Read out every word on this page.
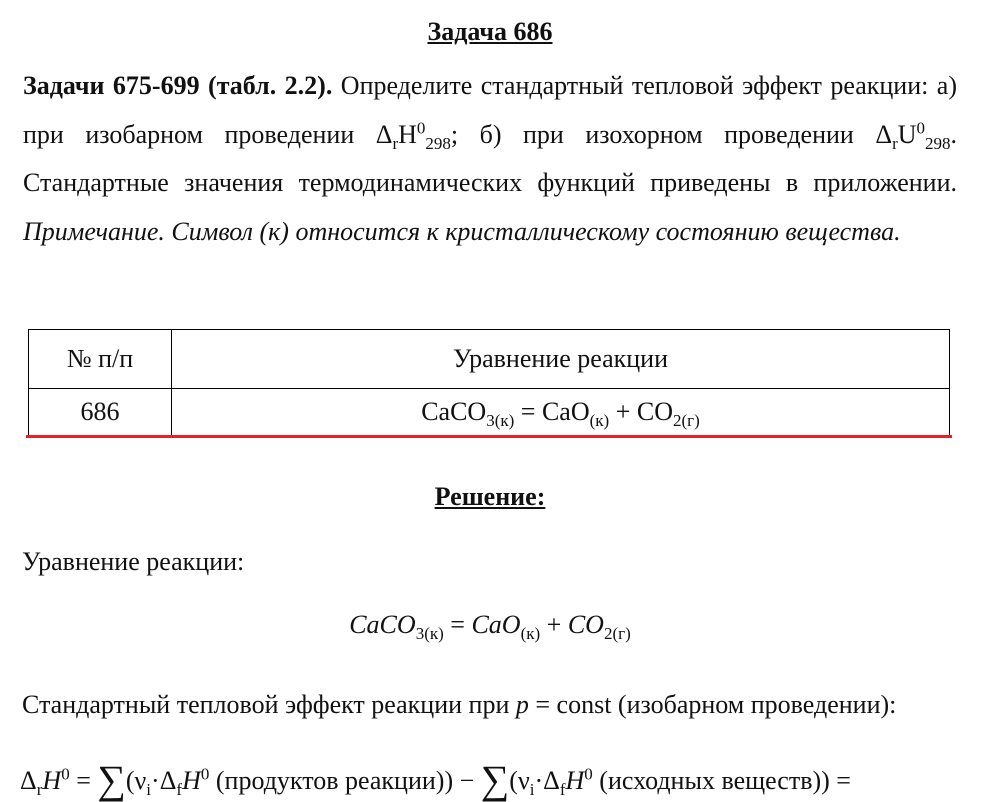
Задача 686
Задачи 675-699 (табл. 2.2). Определите стандартный тепловой эффект реакции: а) при изобарном проведении $\Delta_rH^0_{298}$; б) при изохорном проведении $\Delta_rU^0_{298}$. Стандартные значения термодинамических функций приведены в приложении. Примечание. Символ (к) относится к кристаллическому состоянию вещества.
№ п/п	Уравнение реакции
686	CaCO$_{3(к)}$ = $CaO_{(к)} + CO_{2(г)}$
Решение:
Уравнение реакции:
CaCO$_{3(к)}$ = $CaO_{(к)} + CO_{2(г)}$
Стандартный тепловой эффект реакции при p = const (изобарном проведении):
$\Delta_rH^0 = \sum(\nu_i\cdot\Delta_fH^0$ (продуктов реакции)) − $\sum(\nu_i\cdot\Delta_fH^0$ (исходных веществ)) =
